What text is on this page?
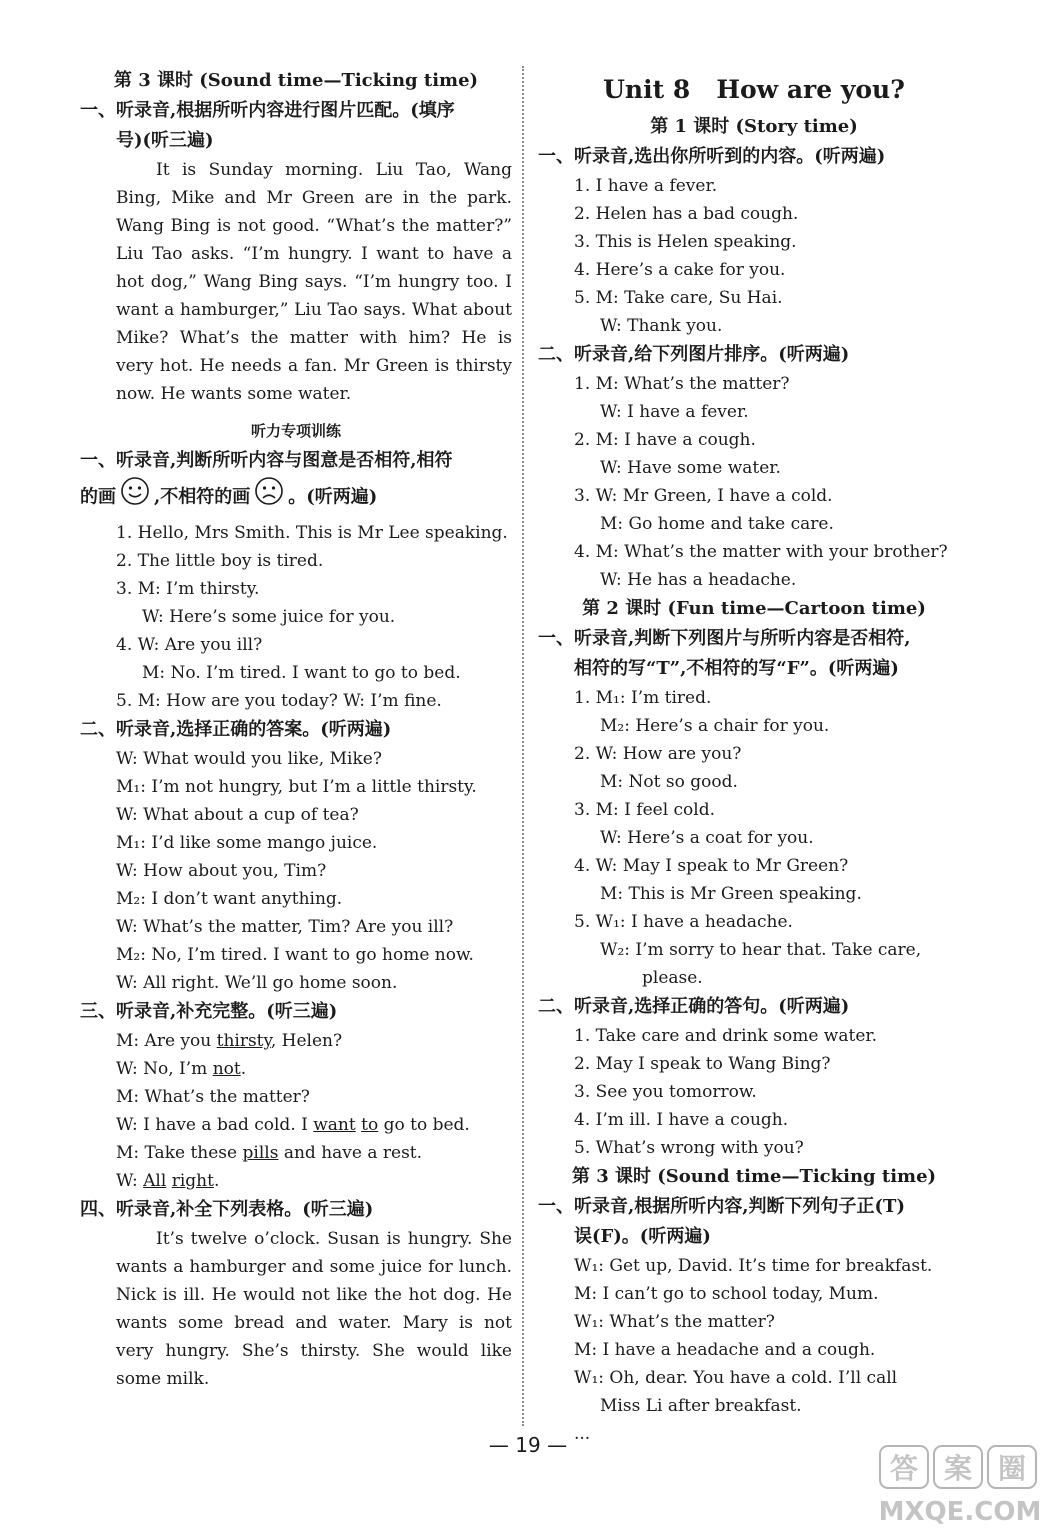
第 3 课时 (Sound time—Ticking time)
一、听录音,根据所听内容进行图片匹配。(填序
号)(听三遍)
It is Sunday morning. Liu Tao, Wang Bing, Mike and Mr Green are in the park. Wang Bing is not good. “What’s the matter?” Liu Tao asks. “I’m hungry. I want to have a hot dog,” Wang Bing says. “I’m hungry too. I want a hamburger,” Liu Tao says. What about Mike? What’s the matter with him? He is very hot. He needs a fan. Mr Green is thirsty now. He wants some water.
听力专项训练
一、听录音,判断所听内容与图意是否相符,相符
的画 ,不相符的画 。(听两遍)
1. Hello, Mrs Smith. This is Mr Lee speaking.
2. The little boy is tired.
3. M: I’m thirsty.
W: Here’s some juice for you.
4. W: Are you ill?
M: No. I’m tired. I want to go to bed.
5. M: How are you today? W: I’m fine.
二、听录音,选择正确的答案。(听两遍)
W: What would you like, Mike?
M₁: I’m not hungry, but I’m a little thirsty.
W: What about a cup of tea?
M₁: I’d like some mango juice.
W: How about you, Tim?
M₂: I don’t want anything.
W: What’s the matter, Tim? Are you ill?
M₂: No, I’m tired. I want to go home now.
W: All right. We’ll go home soon.
三、听录音,补充完整。(听三遍)
M: Are you thirsty, Helen?
W: No, I’m not.
M: What’s the matter?
W: I have a bad cold. I want to go to bed.
M: Take these pills and have a rest.
W: All right.
四、听录音,补全下列表格。(听三遍)
It’s twelve o’clock. Susan is hungry. She wants a hamburger and some juice for lunch. Nick is ill. He would not like the hot dog. He wants some bread and water. Mary is not very hungry. She’s thirsty. She would like some milk.
Unit 8   How are you?
第 1 课时 (Story time)
一、听录音,选出你所听到的内容。(听两遍)
1. I have a fever.
2. Helen has a bad cough.
3. This is Helen speaking.
4. Here’s a cake for you.
5. M: Take care, Su Hai.
W: Thank you.
二、听录音,给下列图片排序。(听两遍)
1. M: What’s the matter?
W: I have a fever.
2. M: I have a cough.
W: Have some water.
3. W: Mr Green, I have a cold.
M: Go home and take care.
4. M: What’s the matter with your brother?
W: He has a headache.
第 2 课时 (Fun time—Cartoon time)
一、听录音,判断下列图片与所听内容是否相符,
相符的写“T”,不相符的写“F”。(听两遍)
1. M₁: I’m tired.
M₂: Here’s a chair for you.
2. W: How are you?
M: Not so good.
3. M: I feel cold.
W: Here’s a coat for you.
4. W: May I speak to Mr Green?
M: This is Mr Green speaking.
5. W₁: I have a headache.
W₂: I’m sorry to hear that. Take care,
please.
二、听录音,选择正确的答句。(听两遍)
1. Take care and drink some water.
2. May I speak to Wang Bing?
3. See you tomorrow.
4. I’m ill. I have a cough.
5. What’s wrong with you?
第 3 课时 (Sound time—Ticking time)
一、听录音,根据所听内容,判断下列句子正(T)
误(F)。(听两遍)
W₁: Get up, David. It’s time for breakfast.
M: I can’t go to school today, Mum.
W₁: What’s the matter?
M: I have a headache and a cough.
W₁: Oh, dear. You have a cold. I’ll call
Miss Li after breakfast.
...
— 19 —
答 案 圈
MXQE.COM
